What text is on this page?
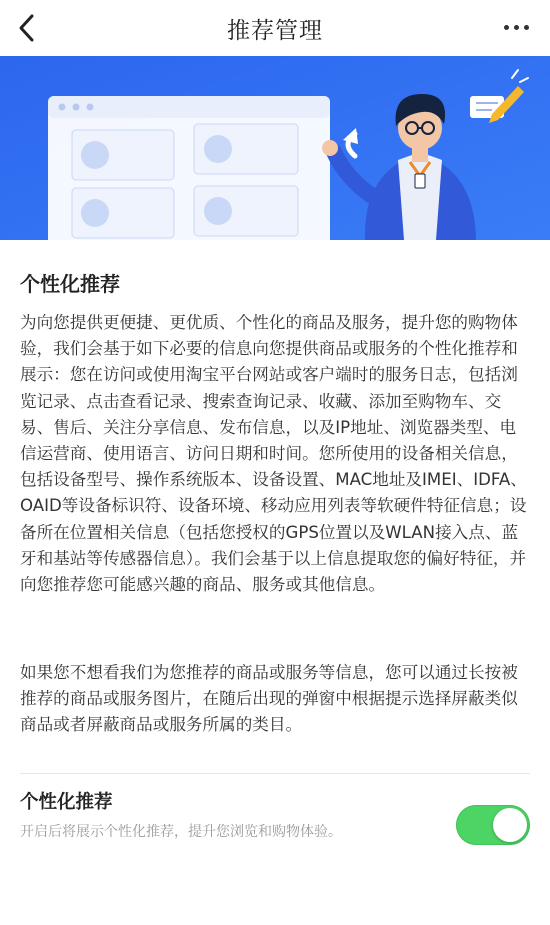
推荐管理
个性化推荐

为向您提供更便捷、更优质、个性化的商品及服务，提升您的购物体验，我们会基于如下必要的信息向您提供商品或服务的个性化推荐和展示：您在访问或使用淘宝平台网站或客户端时的服务日志，包括浏览记录、点击查看记录、搜索查询记录、收藏、添加至购物车、交易、售后、关注分享信息、发布信息，以及IP地址、浏览器类型、电信运营商、使用语言、访问日期和时间。您所使用的设备相关信息，包括设备型号、操作系统版本、设备设置、MAC地址及IMEI、IDFA、OAID等设备标识符、设备环境、移动应用列表等软硬件特征信息；设备所在位置相关信息（包括您授权的GPS位置以及WLAN接入点、蓝牙和基站等传感器信息）。我们会基于以上信息提取您的偏好特征，并向您推荐您可能感兴趣的商品、服务或其他信息。

如果您不想看我们为您推荐的商品或服务等信息，您可以通过长按被推荐的商品或服务图片，在随后出现的弹窗中根据提示选择屏蔽类似商品或者屏蔽商品或服务所属的类目。

个性化推荐
开启后将展示个性化推荐，提升您浏览和购物体验。
